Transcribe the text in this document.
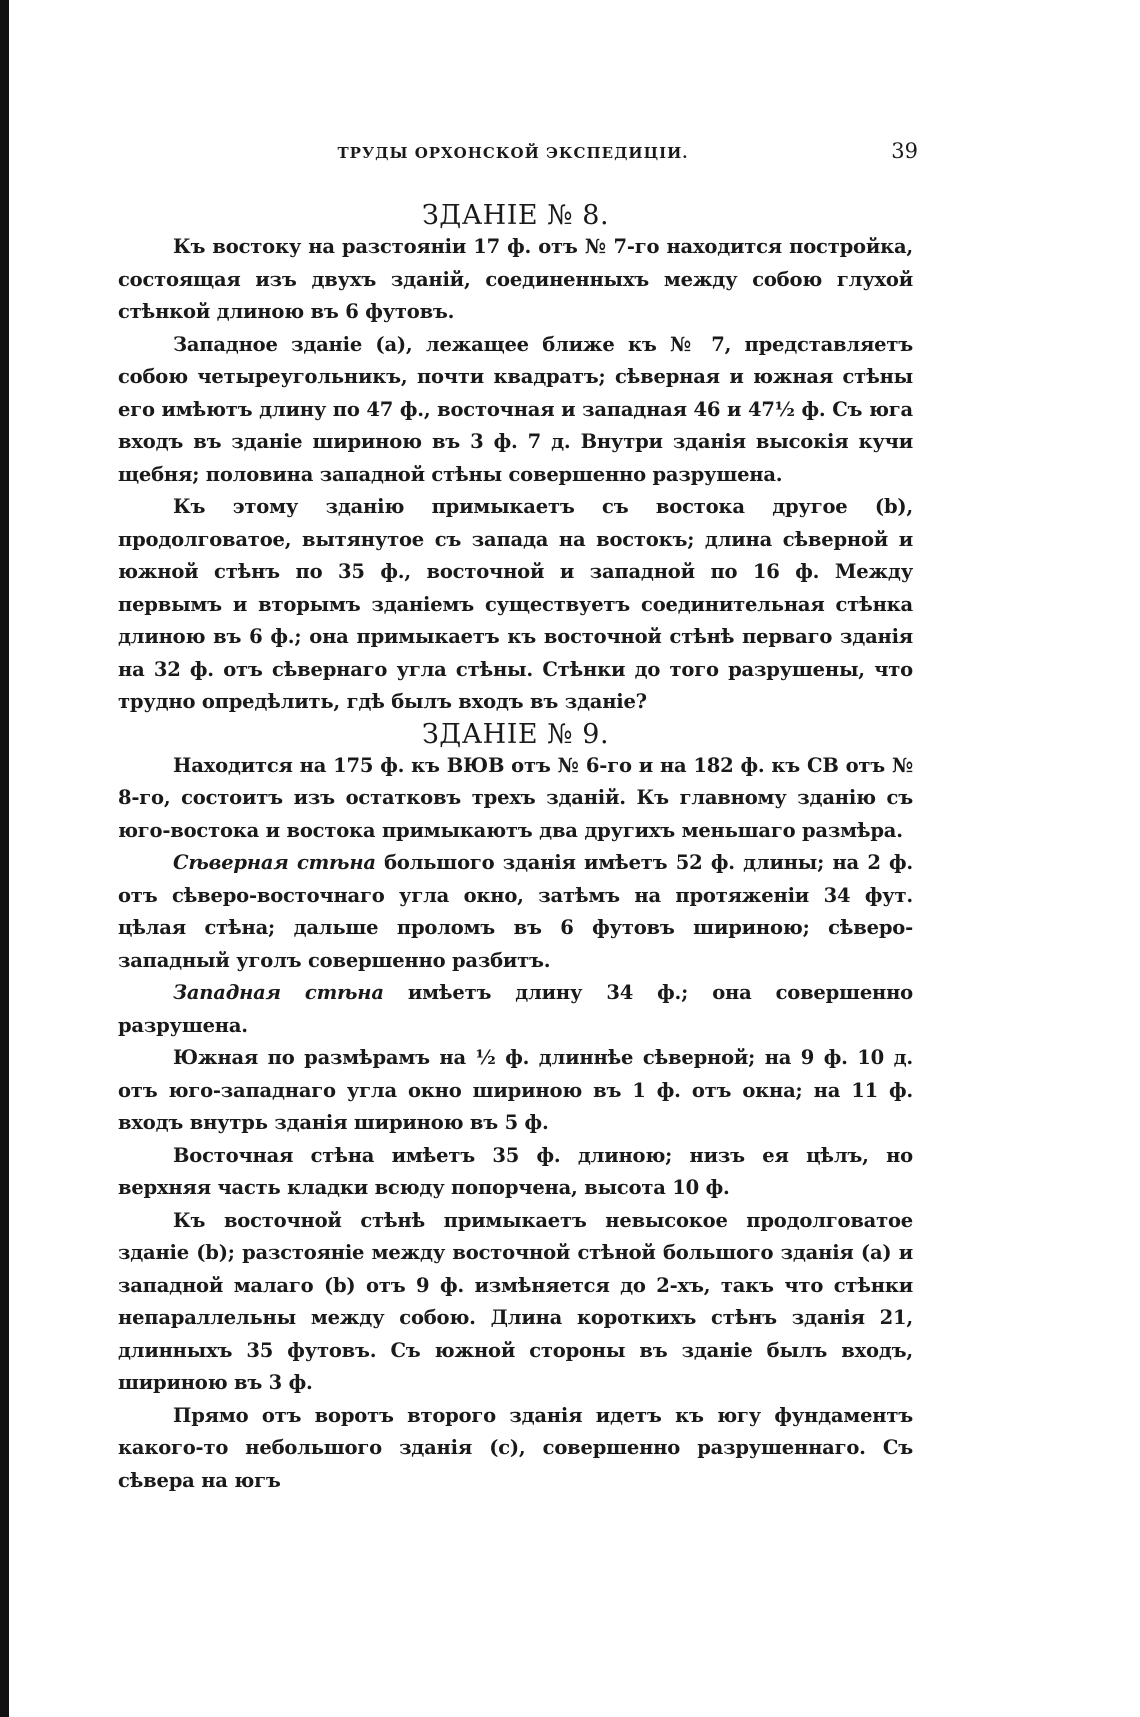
ТРУДЫ ОРХОНСКОЙ ЭКСПЕДИЦІИ.	39
ЗДАНІЕ № 8.

Къ востоку на разстояніи 17 ф. отъ № 7-го находится постройка, состоящая изъ двухъ зданій, соединенныхъ между собою глухой стѣнкой длиною въ 6 футовъ.

Западное зданіе (a), лежащее ближе къ № 7, представляетъ собою четыреугольникъ, почти квадратъ; сѣверная и южная стѣны его имѣютъ длину по 47 ф., восточная и западная 46 и 47½ ф. Съ юга входъ въ зданіе шириною въ 3 ф. 7 д. Внутри зданія высокія кучи щебня; половина западной стѣны совершенно разрушена.

Къ этому зданію примыкаетъ съ востока другое (b), продолговатое, вытянутое съ запада на востокъ; длина сѣверной и южной стѣнъ по 35 ф., восточной и западной по 16 ф. Между первымъ и вторымъ зданіемъ существуетъ соединительная стѣнка длиною въ 6 ф.; она примыкаетъ къ восточной стѣнѣ перваго зданія на 32 ф. отъ сѣвернаго угла стѣны. Стѣнки до того разрушены, что трудно опредѣлить, гдѣ былъ входъ въ зданіе?

ЗДАНІЕ № 9.

Находится на 175 ф. къ ВЮВ отъ № 6-го и на 182 ф. къ СВ отъ № 8-го, состоитъ изъ остатковъ трехъ зданій. Къ главному зданію съ юго-востока и востока примыкаютъ два другихъ меньшаго размѣра.

Сѣверная стѣна большого зданія имѣетъ 52 ф. длины; на 2 ф. отъ сѣверо-восточнаго угла окно, затѣмъ на протяженіи 34 фут. цѣлая стѣна; дальше проломъ въ 6 футовъ шириною; сѣверо-западный уголъ совершенно разбитъ.

Западная стѣна имѣетъ длину 34 ф.; она совершенно разрушена.

Южная по размѣрамъ на ½ ф. длиннѣе сѣверной; на 9 ф. 10 д. отъ юго-западнаго угла окно шириною въ 1 ф. отъ окна; на 11 ф. входъ внутрь зданія шириною въ 5 ф.

Восточная стѣна имѣетъ 35 ф. длиною; низъ ея цѣлъ, но верхняя часть кладки всюду попорчена, высота 10 ф.

Къ восточной стѣнѣ примыкаетъ невысокое продолговатое зданіе (b); разстояніе между восточной стѣной большого зданія (a) и западной малаго (b) отъ 9 ф. измѣняется до 2-хъ, такъ что стѣнки непараллельны между собою. Длина короткихъ стѣнъ зданія 21, длинныхъ 35 футовъ. Съ южной стороны въ зданіе былъ входъ, шириною въ 3 ф.

Прямо отъ воротъ второго зданія идетъ къ югу фундаментъ какого-то небольшого зданія (c), совершенно разрушеннаго. Съ сѣвера на югъ
